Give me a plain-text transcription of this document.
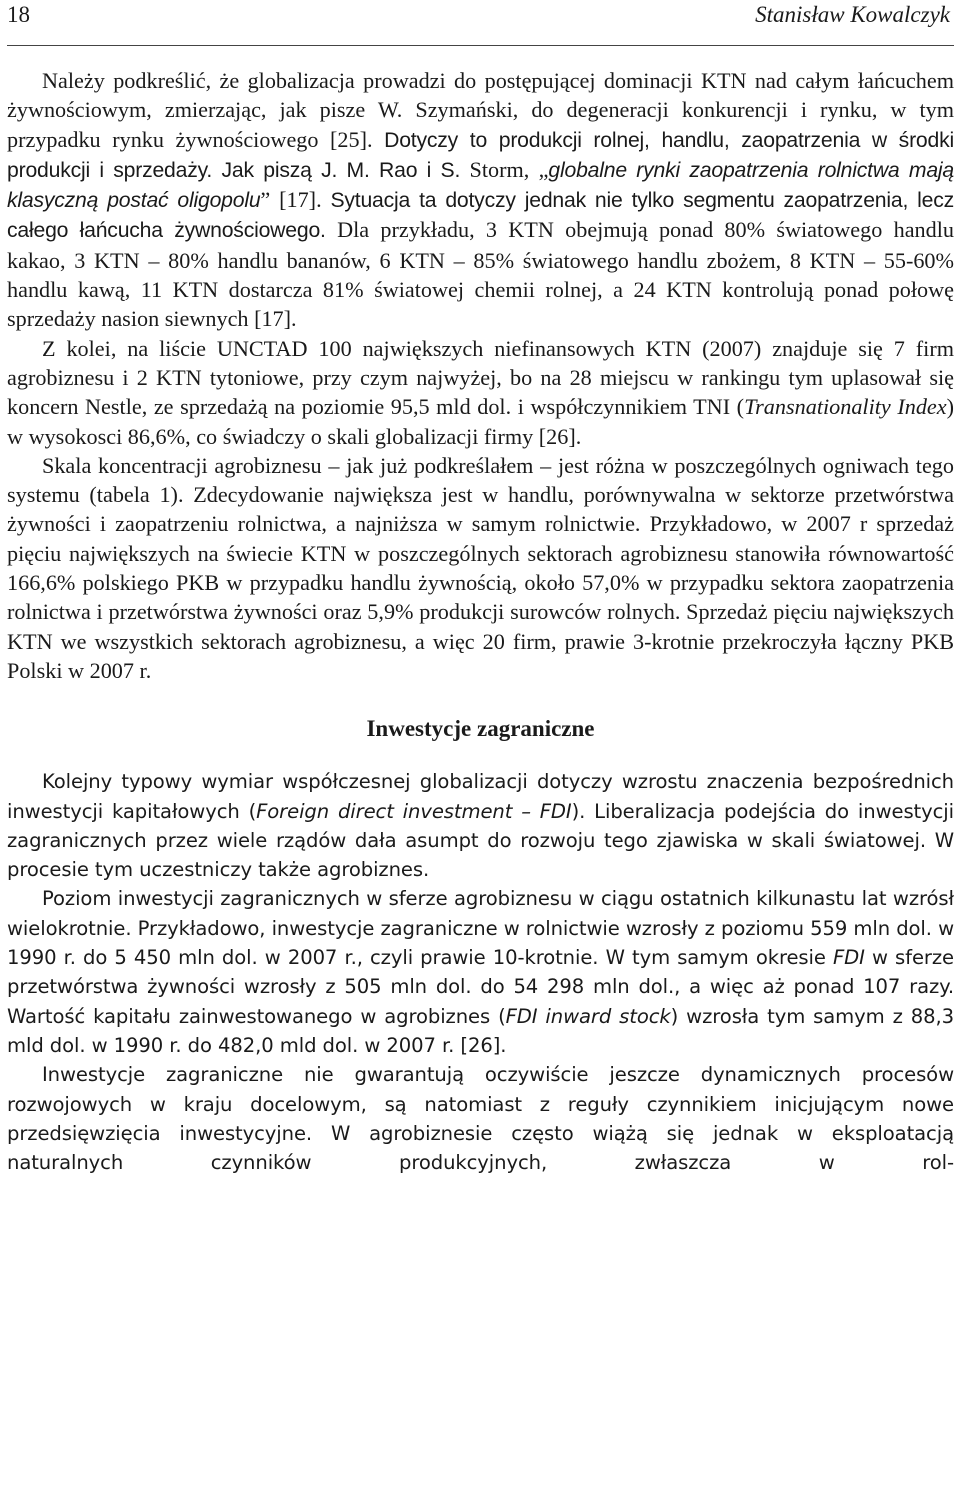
18	Stanisław Kowalczyk

Należy podkreślić, że globalizacja prowadzi do postępującej dominacji KTN nad całym łańcuchem żywnościowym, zmierzając, jak pisze W. Szymański, do degeneracji konkurencji i rynku, w tym przypadku rynku żywnościowego [25]. Dotyczy to produkcji rolnej, handlu, zaopatrzenia w środki produkcji i sprzedaży. Jak piszą J. M. Rao i S. Storm, „globalne rynki zaopatrzenia rolnictwa mają klasyczną postać oligopolu” [17]. Sytuacja ta dotyczy jednak nie tylko segmentu zaopatrzenia, lecz całego łańcucha żywnościowego. Dla przykładu, 3 KTN obejmują ponad 80% światowego handlu kakao, 3 KTN – 80% handlu bananów, 6 KTN – 85% światowego handlu zbożem, 8 KTN – 55-60% handlu kawą, 11 KTN dostarcza 81% światowej chemii rolnej, a 24 KTN kontrolują ponad połowę sprzedaży nasion siewnych [17].

Z kolei, na liście UNCTAD 100 największych niefinansowych KTN (2007) znajduje się 7 firm agrobiznesu i 2 KTN tytoniowe, przy czym najwyżej, bo na 28 miejscu w rankingu tym uplasował się koncern Nestle, ze sprzedażą na poziomie 95,5 mld dol. i współczynnikiem TNI (Transnationality Index) w wysokosci 86,6%, co świadczy o skali globalizacji firmy [26].

Skala koncentracji agrobiznesu – jak już podkreślałem – jest różna w poszczególnych ogniwach tego systemu (tabela 1). Zdecydowanie największa jest w handlu, porównywalna w sektorze przetwórstwa żywności i zaopatrzeniu rolnictwa, a najniższa w samym rolnictwie. Przykładowo, w 2007 r sprzedaż pięciu największych na świecie KTN w poszczególnych sektorach agrobiznesu stanowiła równowartość 166,6% polskiego PKB w przypadku handlu żywnością, około 57,0% w przypadku sektora zaopatrzenia rolnictwa i przetwórstwa żywności oraz 5,9% produkcji surowców rolnych. Sprzedaż pięciu największych KTN we wszystkich sektorach agrobiznesu, a więc 20 firm, prawie 3-krotnie przekroczyła łączny PKB Polski w 2007 r.

Inwestycje zagraniczne

Kolejny typowy wymiar współczesnej globalizacji dotyczy wzrostu znaczenia bezpośrednich inwestycji kapitałowych (Foreign direct investment – FDI). Liberalizacja podejścia do inwestycji zagranicznych przez wiele rządów dała asumpt do rozwoju tego zjawiska w skali światowej. W procesie tym uczestniczy także agrobiznes.

Poziom inwestycji zagranicznych w sferze agrobiznesu w ciągu ostatnich kilkunastu lat wzrósł wielokrotnie. Przykładowo, inwestycje zagraniczne w rolnictwie wzrosły z poziomu 559 mln dol. w 1990 r. do 5 450 mln dol. w 2007 r., czyli prawie 10-krotnie. W tym samym okresie FDI w sferze przetwórstwa żywności wzrosły z 505 mln dol. do 54 298 mln dol., a więc aż ponad 107 razy. Wartość kapitału zainwestowanego w agrobiznes (FDI inward stock) wzrosła tym samym z 88,3 mld dol. w 1990 r. do 482,0 mld dol. w 2007 r. [26].

Inwestycje zagraniczne nie gwarantują oczywiście jeszcze dynamicznych procesów rozwojowych w kraju docelowym, są natomiast z reguły czynnikiem inicjującym nowe przedsięwzięcia inwestycyjne. W agrobiznesie często wiążą się jednak w eksploatacją naturalnych czynników produkcyjnych, zwłaszcza w rol-
